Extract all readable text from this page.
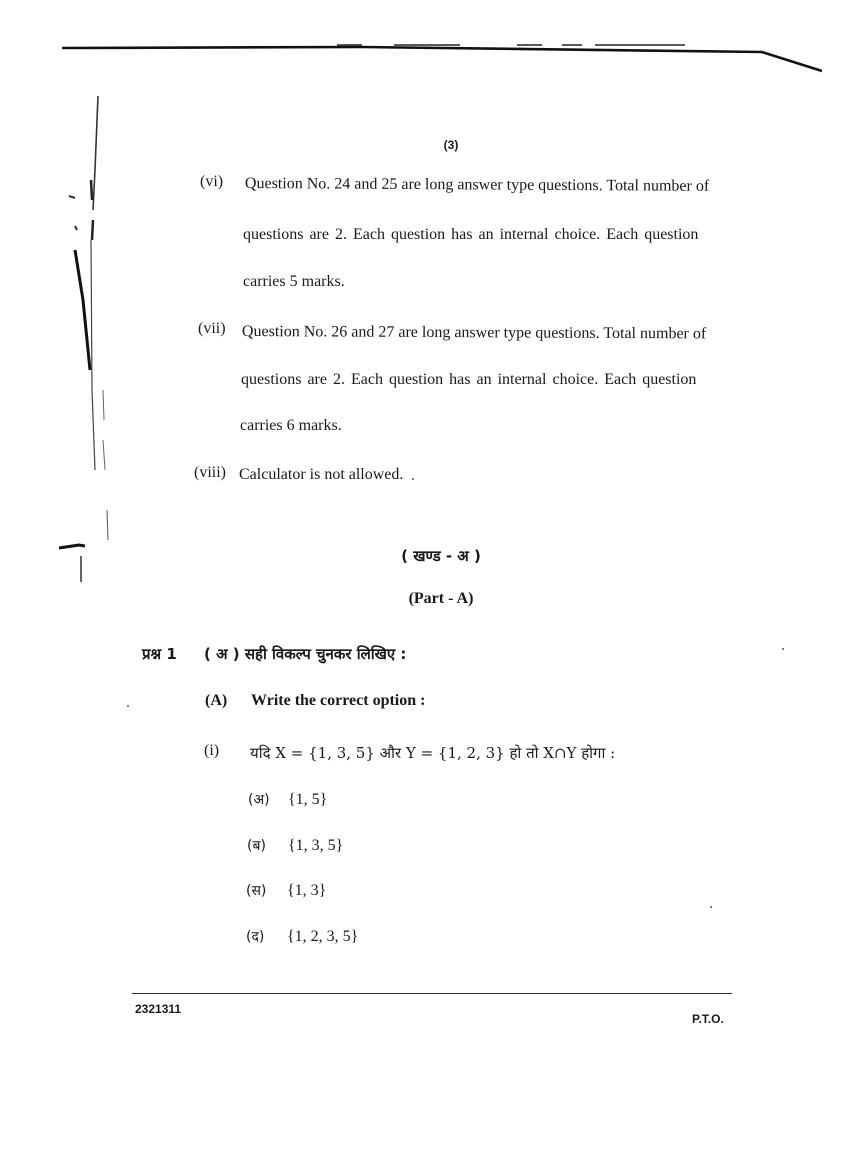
(3)
(vi) Question No. 24 and 25 are long answer type questions. Total number of
questions are 2. Each question has an internal choice. Each question
carries 5 marks.
(vii) Question No. 26 and 27 are long answer type questions. Total number of
questions are 2. Each question has an internal choice. Each question
carries 6 marks.
(viii) Calculator is not allowed.
( खण्ड - अ )
(Part - A)
प्रश्न 1 ( अ ) सही विकल्प चुनकर लिखिए :
(A) Write the correct option :
(i) यदि X = {1, 3, 5} और Y = {1, 2, 3} हो तो X∩Y होगा :
(अ) {1, 5}
(ब) {1, 3, 5}
(स) {1, 3}
(द) {1, 2, 3, 5}
2321311
P.T.O.
